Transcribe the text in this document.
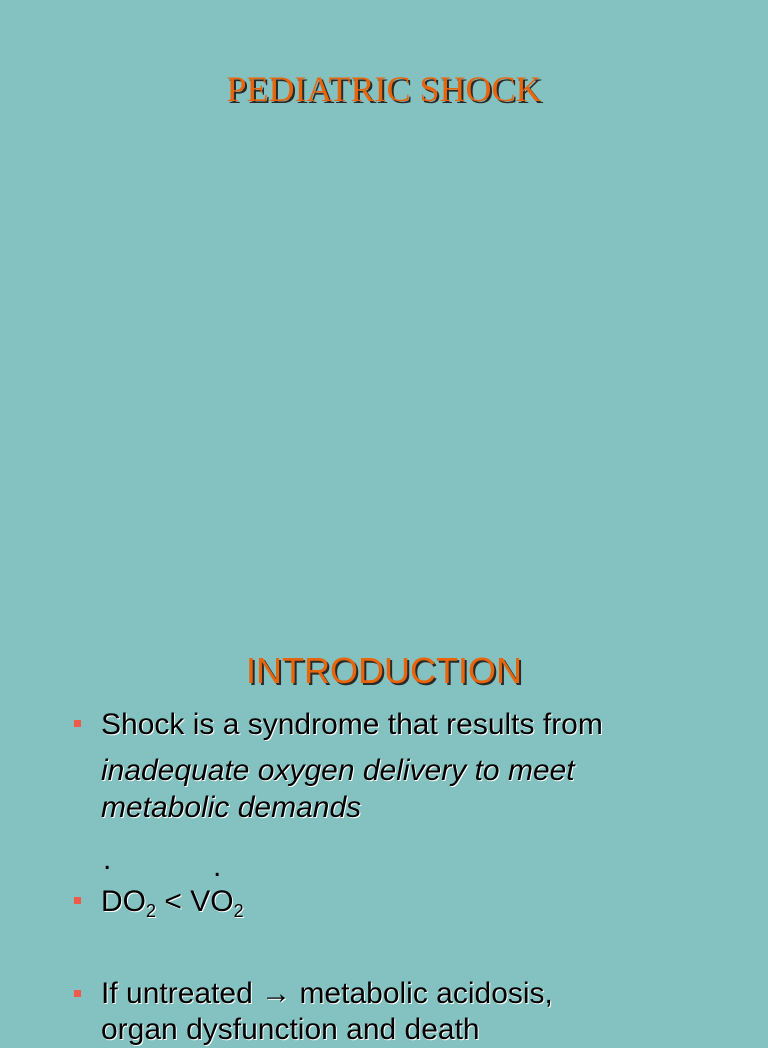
PEDIATRIC SHOCK
INTRODUCTION
Shock is a syndrome that results from
inadequate oxygen delivery to meet
metabolic demands
.	.
$DO_2 < VO_2$
If untreated → metabolic acidosis,
organ dysfunction and death
